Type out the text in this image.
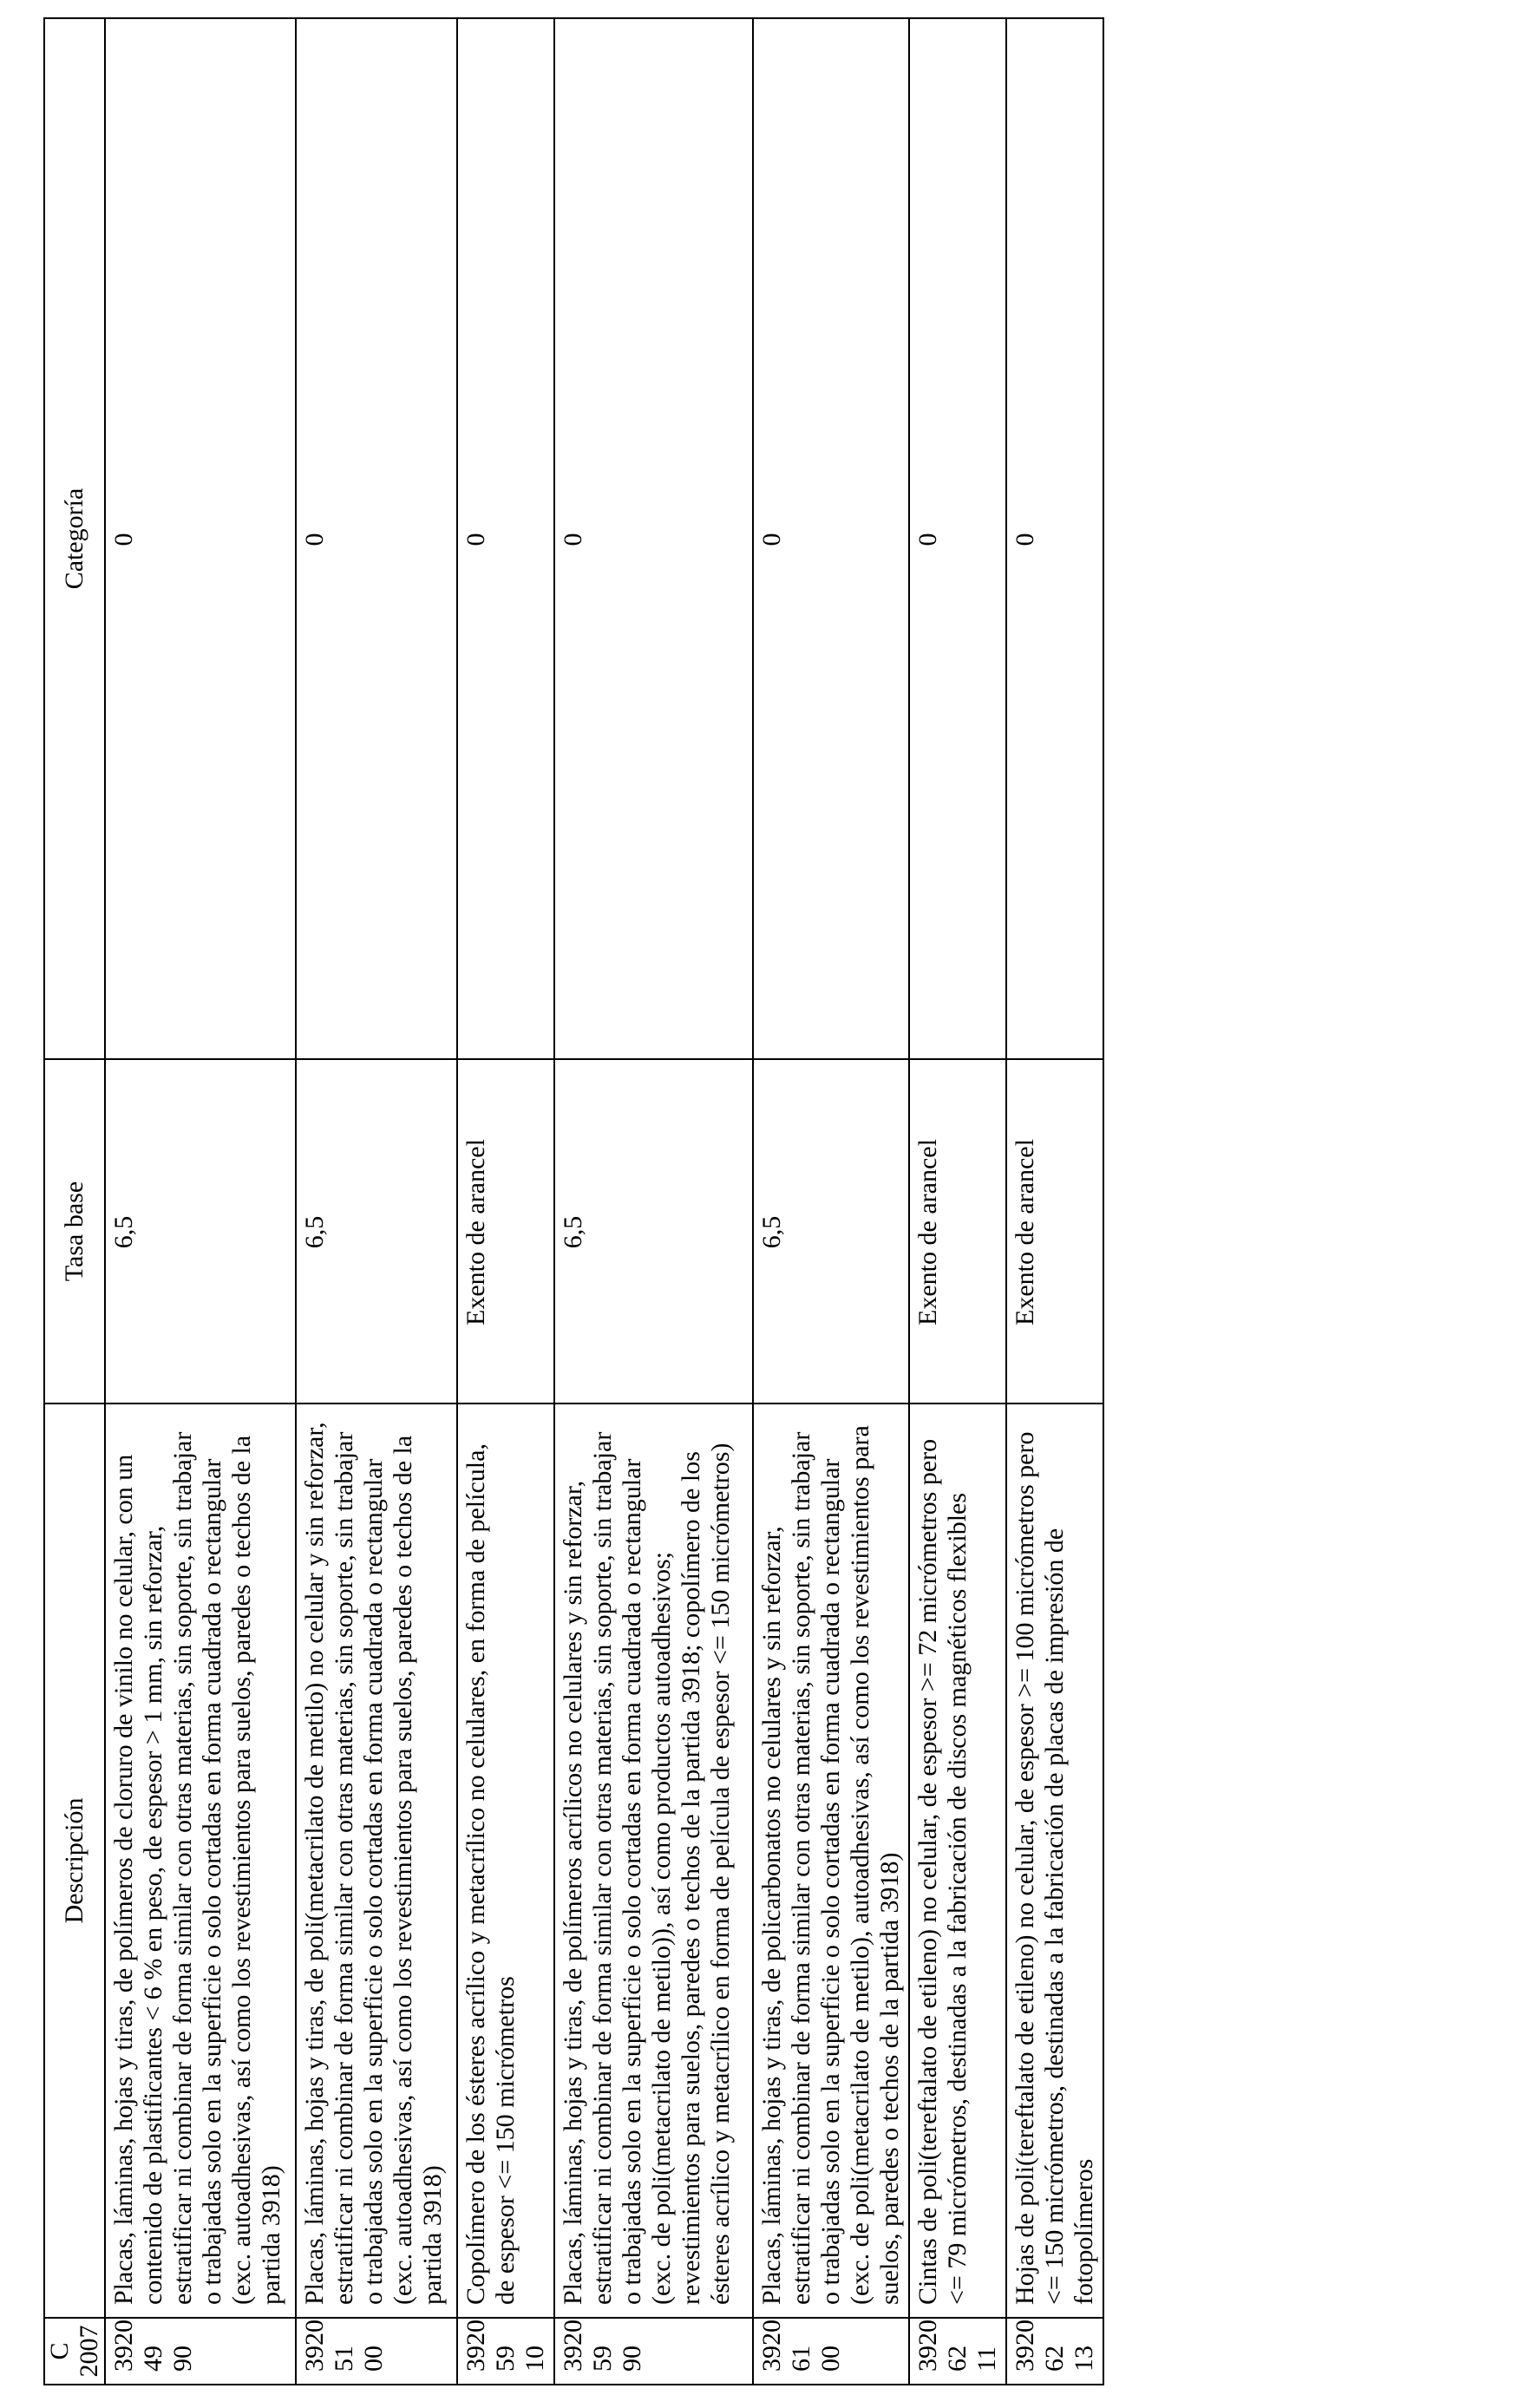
C 2007	Descripción	Tasa base	Categoría
3920 49 90	Placas, láminas, hojas y tiras, de polímeros de cloruro de vinilo no celular, con un contenido de plastificantes < 6 % en peso, de espesor > 1 mm, sin reforzar, estratificar ni combinar de forma similar con otras materias, sin soporte, sin trabajar o trabajadas solo en la superficie o solo cortadas en forma cuadrada o rectangular (exc. autoadhesivas, así como los revestimientos para suelos, paredes o techos de la partida 3918)	6,5	0
3920 51 00	Placas, láminas, hojas y tiras, de poli(metacrilato de metilo) no celular y sin reforzar, estratificar ni combinar de forma similar con otras materias, sin soporte, sin trabajar o trabajadas solo en la superficie o solo cortadas en forma cuadrada o rectangular (exc. autoadhesivas, así como los revestimientos para suelos, paredes o techos de la partida 3918)	6,5	0
3920 59 10	Copolímero de los ésteres acrílico y metacrílico no celulares, en forma de película, de espesor <= 150 micrómetros	Exento de arancel	0
3920 59 90	Placas, láminas, hojas y tiras, de polímeros acrílicos no celulares y sin reforzar, estratificar ni combinar de forma similar con otras materias, sin soporte, sin trabajar o trabajadas solo en la superficie o solo cortadas en forma cuadrada o rectangular (exc. de poli(metacrilato de metilo)), así como productos autoadhesivos; revestimientos para suelos, paredes o techos de la partida 3918; copolímero de los ésteres acrílico y metacrílico en forma de película de espesor <= 150 micrómetros)	6,5	0
3920 61 00	Placas, láminas, hojas y tiras, de policarbonatos no celulares y sin reforzar, estratificar ni combinar de forma similar con otras materias, sin soporte, sin trabajar o trabajadas solo en la superficie o solo cortadas en forma cuadrada o rectangular (exc. de poli(metacrilato de metilo), autoadhesivas, así como los revestimientos para suelos, paredes o techos de la partida 3918)	6,5	0
3920 62 11	Cintas de poli(tereftalato de etileno) no celular, de espesor >= 72 micrómetros pero <= 79 micrómetros, destinadas a la fabricación de discos magnéticos flexibles	Exento de arancel	0
3920 62 13	Hojas de poli(tereftalato de etileno) no celular, de espesor >= 100 micrómetros pero <= 150 micrómetros, destinadas a la fabricación de placas de impresión de fotopolímeros	Exento de arancel	0
